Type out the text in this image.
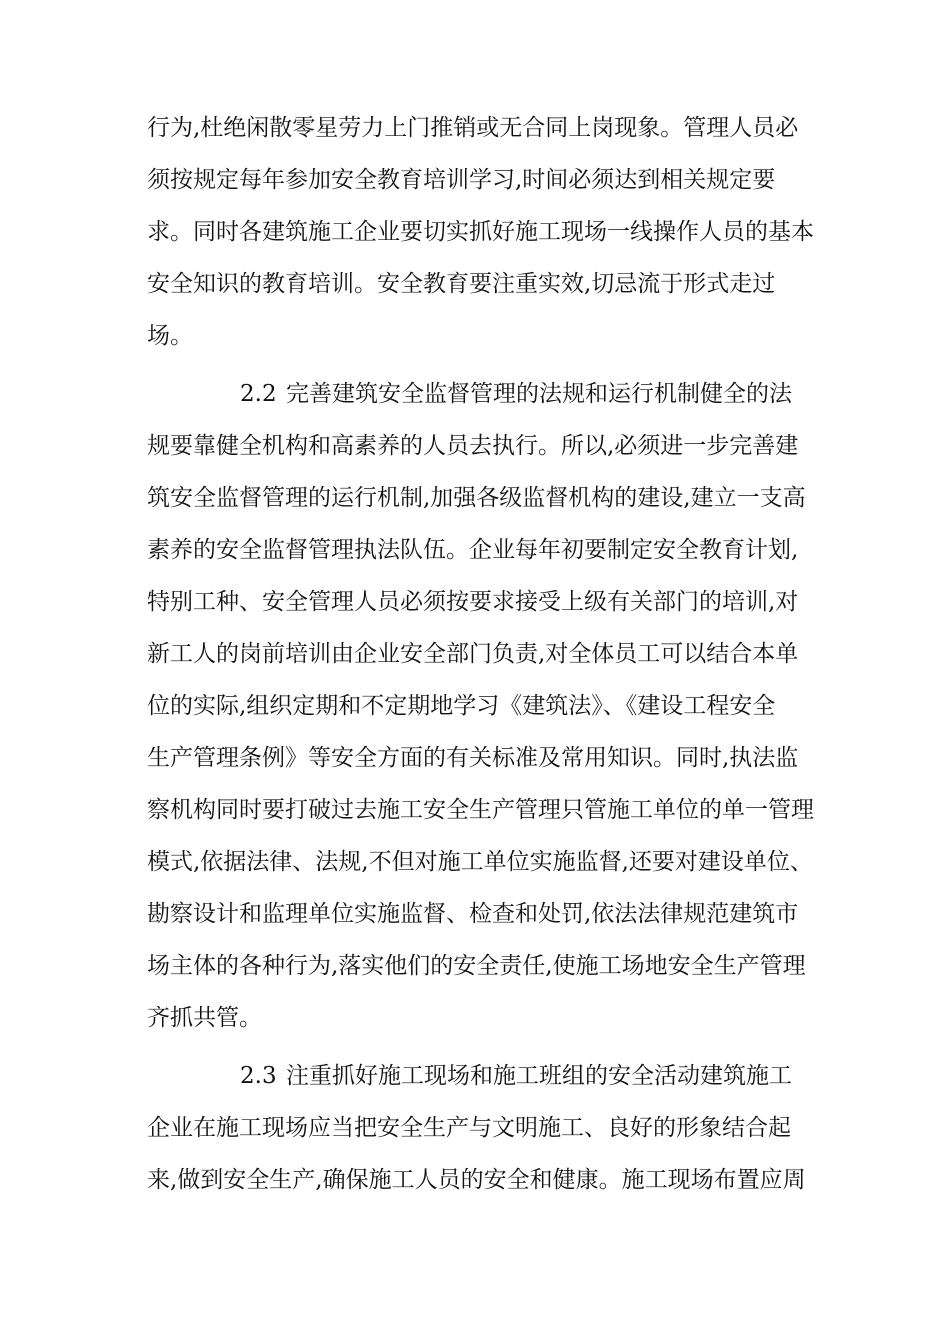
行为,杜绝闲散零星劳力上门推销或无合同上岗现象。管理人员必
须按规定每年参加安全教育培训学习,时间必须达到相关规定要
求。同时各建筑施工企业要切实抓好施工现场一线操作人员的基本
安全知识的教育培训。安全教育要注重实效,切忌流于形式走过
场。
2.2 完善建筑安全监督管理的法规和运行机制健全的法
规要靠健全机构和高素养的人员去执行。所以,必须进一步完善建
筑安全监督管理的运行机制,加强各级监督机构的建设,建立一支高
素养的安全监督管理执法队伍。企业每年初要制定安全教育计划,
特别工种、安全管理人员必须按要求接受上级有关部门的培训,对
新工人的岗前培训由企业安全部门负责,对全体员工可以结合本单
位的实际,组织定期和不定期地学习《建筑法》、《建设工程安全
生产管理条例》等安全方面的有关标准及常用知识。同时,执法监
察机构同时要打破过去施工安全生产管理只管施工单位的单一管理
模式,依据法律、法规,不但对施工单位实施监督,还要对建设单位、
勘察设计和监理单位实施监督、检查和处罚,依法法律规范建筑市
场主体的各种行为,落实他们的安全责任,使施工场地安全生产管理
齐抓共管。
2.3 注重抓好施工现场和施工班组的安全活动建筑施工
企业在施工现场应当把安全生产与文明施工、良好的形象结合起
来,做到安全生产,确保施工人员的安全和健康。施工现场布置应周
